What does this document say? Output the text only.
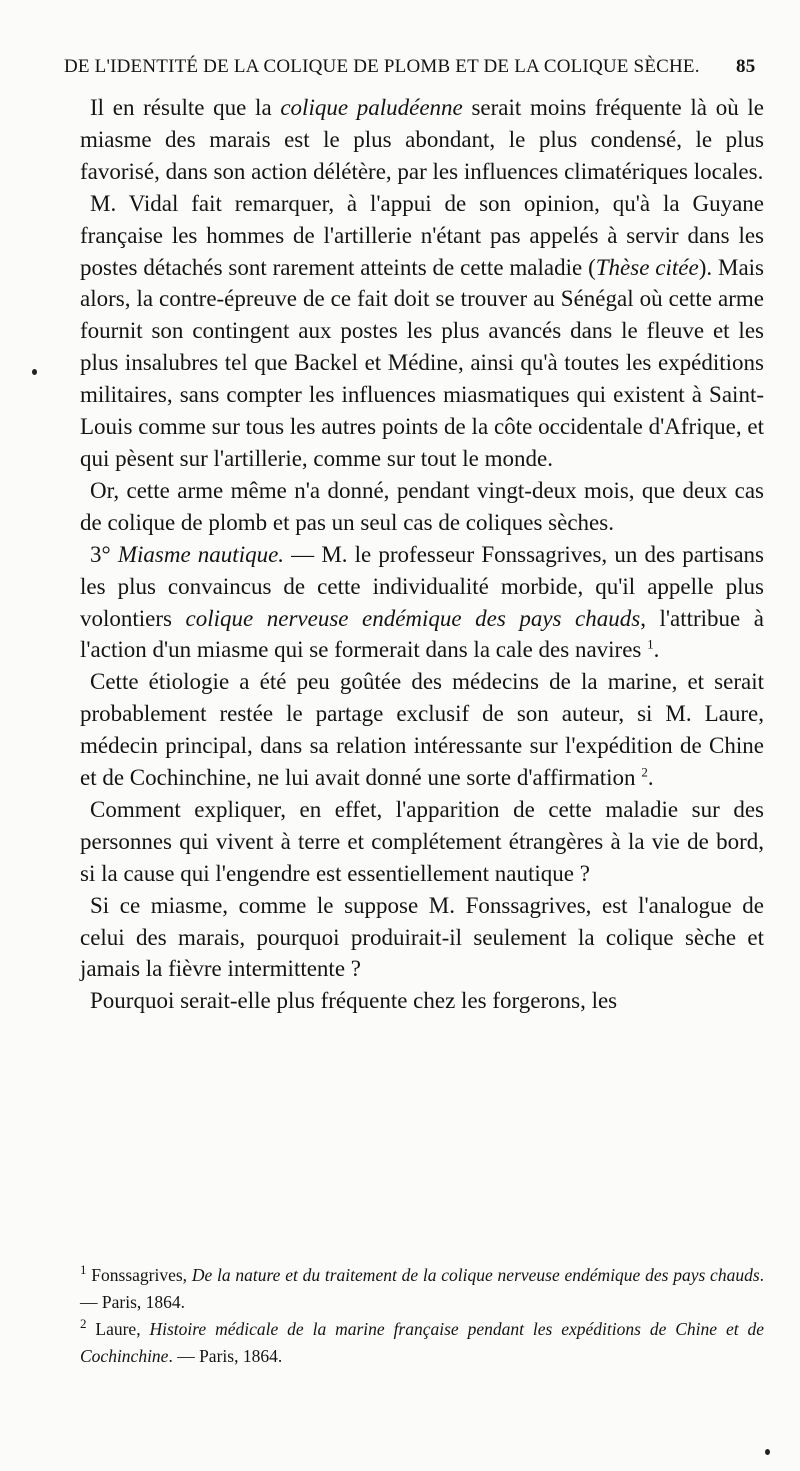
DE L'IDENTITÉ DE LA COLIQUE DE PLOMB ET DE LA COLIQUE SÈCHE. 85

Il en résulte que la colique paludéenne serait moins fréquente là où le miasme des marais est le plus abondant, le plus condensé, le plus favorisé, dans son action délétère, par les influences climatériques locales.

M. Vidal fait remarquer, à l'appui de son opinion, qu'à la Guyane française les hommes de l'artillerie n'étant pas appelés à servir dans les postes détachés sont rarement atteints de cette maladie (Thèse citée). Mais alors, la contre-épreuve de ce fait doit se trouver au Sénégal où cette arme fournit son contingent aux postes les plus avancés dans le fleuve et les plus insalubres tel que Backel et Médine, ainsi qu'à toutes les expéditions militaires, sans compter les influences miasmatiques qui existent à Saint-Louis comme sur tous les autres points de la côte occidentale d'Afrique, et qui pèsent sur l'artillerie, comme sur tout le monde.

Or, cette arme même n'a donné, pendant vingt-deux mois, que deux cas de colique de plomb et pas un seul cas de coliques sèches.

3° Miasme nautique. — M. le professeur Fonssagrives, un des partisans les plus convaincus de cette individualité morbide, qu'il appelle plus volontiers colique nerveuse endémique des pays chauds, l'attribue à l'action d'un miasme qui se formerait dans la cale des navires $^1$.

Cette étiologie a été peu goûtée des médecins de la marine, et serait probablement restée le partage exclusif de son auteur, si M. Laure, médecin principal, dans sa relation intéressante sur l'expédition de Chine et de Cochinchine, ne lui avait donné une sorte d'affirmation $^2$.

Comment expliquer, en effet, l'apparition de cette maladie sur des personnes qui vivent à terre et complétement étrangères à la vie de bord, si la cause qui l'engendre est essentiellement nautique ?

Si ce miasme, comme le suppose M. Fonssagrives, est l'analogue de celui des marais, pourquoi produirait-il seulement la colique sèche et jamais la fièvre intermittente ?

Pourquoi serait-elle plus fréquente chez les forgerons, les

$^1$ Fonssagrives, De la nature et du traitement de la colique nerveuse endémique des pays chauds. — Paris, 1864.

$^2$ Laure, Histoire médicale de la marine française pendant les expéditions de Chine et de Cochinchine. — Paris, 1864.
